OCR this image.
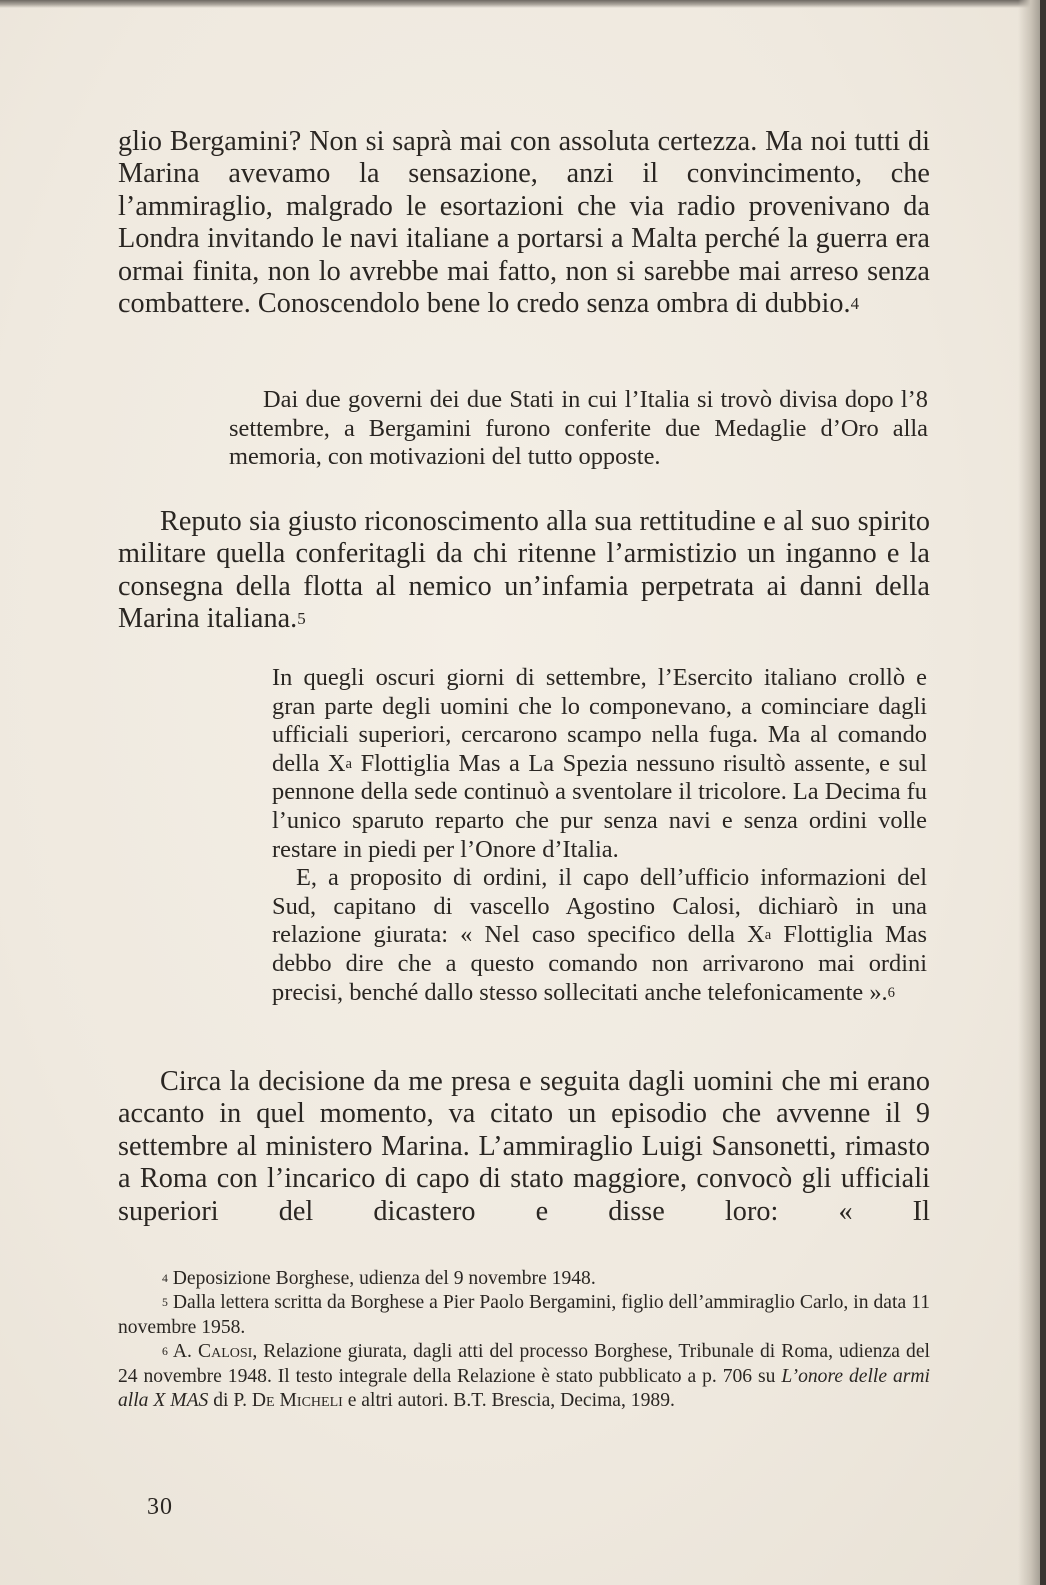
glio Bergamini? Non si saprà mai con assoluta certezza. Ma noi tutti di Marina avevamo la sensazione, anzi il convincimento, che l’ammiraglio, malgrado le esortazioni che via radio provenivano da Londra invitando le navi italiane a portarsi a Malta perché la guerra era ormai finita, non lo avrebbe mai fatto, non si sarebbe mai arreso senza combattere. Conoscendolo bene lo credo senza ombra di dubbio.$^4$

Dai due governi dei due Stati in cui l’Italia si trovò divisa dopo l’8 settembre, a Bergamini furono conferite due Medaglie d’Oro alla memoria, con motivazioni del tutto opposte.

Reputo sia giusto riconoscimento alla sua rettitudine e al suo spirito militare quella conferitagli da chi ritenne l’armistizio un inganno e la consegna della flotta al nemico un’infamia perpetrata ai danni della Marina italiana.$^5$

In quegli oscuri giorni di settembre, l’Esercito italiano crollò e gran parte degli uomini che lo componevano, a cominciare dagli ufficiali superiori, cercarono scampo nella fuga. Ma al comando della $X^a$ Flottiglia Mas a La Spezia nessuno risultò assente, e sul pennone della sede continuò a sventolare il tricolore. La Decima fu l’unico sparuto reparto che pur senza navi e senza ordini volle restare in piedi per l’Onore d’Italia.
E, a proposito di ordini, il capo dell’ufficio informazioni del Sud, capitano di vascello Agostino Calosi, dichiarò in una relazione giurata: « Nel caso specifico della $X^a$ Flottiglia Mas debbo dire che a questo comando non arrivarono mai ordini precisi, benché dallo stesso sollecitati anche telefonicamente ».$^6$

Circa la decisione da me presa e seguita dagli uomini che mi erano accanto in quel momento, va citato un episodio che avvenne il 9 settembre al ministero Marina. L’ammiraglio Luigi Sansonetti, rimasto a Roma con l’incarico di capo di stato maggiore, convocò gli ufficiali superiori del dicastero e disse loro: « Il

$^4$ Deposizione Borghese, udienza del 9 novembre 1948.
$^5$ Dalla lettera scritta da Borghese a Pier Paolo Bergamini, figlio dell’ammiraglio Carlo, in data 11 novembre 1958.
$^6$ A. Calosi, Relazione giurata, dagli atti del processo Borghese, Tribunale di Roma, udienza del 24 novembre 1948. Il testo integrale della Relazione è stato pubblicato a p. 706 su L’onore delle armi alla X MAS di P. De Micheli e altri autori. B.T. Brescia, Decima, 1989.
30
